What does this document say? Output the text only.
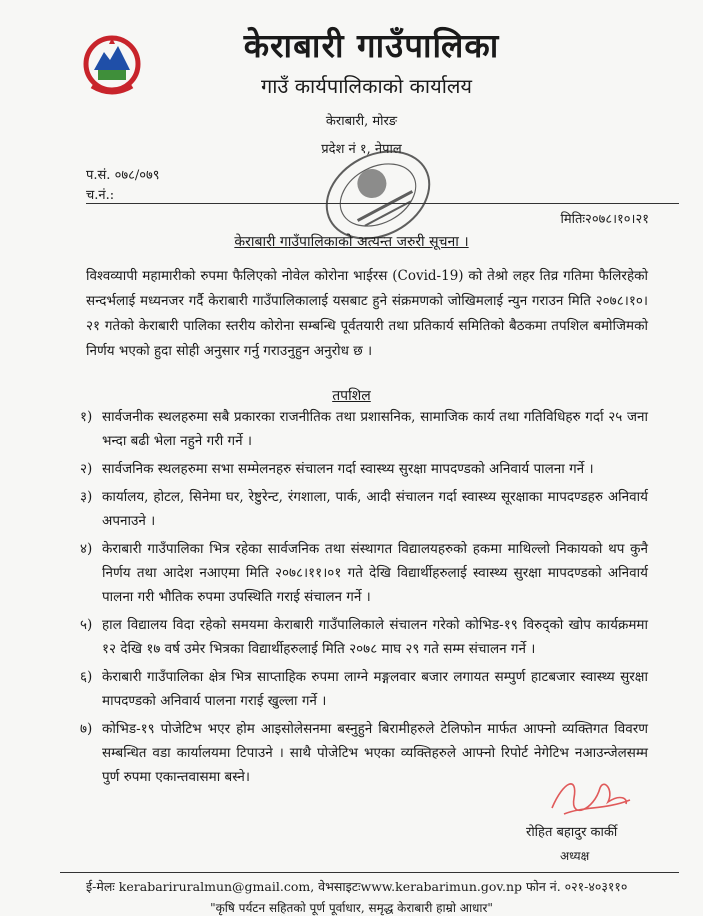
केराबारी गाउँपालिका
गाउँ कार्यपालिकाको कार्यालय
केराबारी, मोरङ
प्रदेश नं १, नेपाल
प.सं. ०७८/०७९
च.नं.:
मितिः२०७८।१०।२१
केराबारी गाउँपालिकाको अत्यन्त जरुरी सूचना ।

विश्वव्यापी महामारीको रुपमा फैलिएको नोवेल कोरोना भाईरस (Covid-19) को तेश्रो लहर तिव्र गतिमा फैलिरहेको सन्दर्भलाई मध्यनजर गर्दै केराबारी गाउँपालिकालाई यसबाट हुने संक्रमणको जोखिमलाई न्युन गराउन मिति २०७८।१०।२१ गतेको केराबारी पालिका स्तरीय कोरोना सम्बन्धि पूर्वतयारी तथा प्रतिकार्य समितिको बैठकमा तपशिल बमोजिमको निर्णय भएको हुदा सोही अनुसार गर्नु गराउनुहुन अनुरोध छ ।

तपशिल
१) सार्वजनीक स्थलहरुमा सबै प्रकारका राजनीतिक तथा प्रशासनिक, सामाजिक कार्य तथा गतिविधिहरु गर्दा २५ जना भन्दा बढी भेला नहुने गरी गर्ने ।
२) सार्वजनिक स्थलहरुमा सभा सम्मेलनहरु संचालन गर्दा स्वास्थ्य सुरक्षा मापदण्डको अनिवार्य पालना गर्ने ।
३) कार्यालय, होटल, सिनेमा घर, रेष्टुरेन्ट, रंगशाला, पार्क, आदी संचालन गर्दा स्वास्थ्य सूरक्षाका मापदण्डहरु अनिवार्य अपनाउने ।
४) केराबारी गाउँपालिका भित्र रहेका सार्वजनिक तथा संस्थागत विद्यालयहरुको हकमा माथिल्लो निकायको थप कुनै निर्णय तथा आदेश नआएमा मिति २०७८।११।०१ गते देखि विद्यार्थीहरुलाई स्वास्थ्य सुरक्षा मापदण्डको अनिवार्य पालना गरी भौतिक रुपमा उपस्थिति गराई संचालन गर्ने ।
५) हाल विद्यालय विदा रहेको समयमा केराबारी गाउँपालिकाले संचालन गरेको कोभिड-१९ विरुद्को खोप कार्यक्रममा १२ देखि १७ वर्ष उमेर भित्रका विद्यार्थीहरुलाई मिति २०७८ माघ २९ गते सम्म संचालन गर्ने ।
६) केराबारी गाउँपालिका क्षेत्र भित्र साप्ताहिक रुपमा लाग्ने मङ्गलवार बजार लगायत सम्पुर्ण हाटबजार स्वास्थ्य सुरक्षा मापदण्डको अनिवार्य पालना गराई खुल्ला गर्ने ।
७) कोभिड-१९ पोजेटिभ भएर होम आइसोलेसनमा बस्नुहुने बिरामीहरुले टेलिफोन मार्फत आफ्नो व्यक्तिगत विवरण सम्बन्धित वडा कार्यालयमा टिपाउने । साथै पोजेटिभ भएका व्यक्तिहरुले आफ्नो रिपोर्ट नेगेटिभ नआउन्जेलसम्म पुर्ण रुपमा एकान्तवासमा बस्ने।
रोहित बहादुर कार्की
अध्यक्ष
ई-मेलः kerabariruralmun@gmail.com, वेभसाइटःwww.kerabarimun.gov.np फोन नं. ०२१-४०३११०
"कृषि पर्यटन सहितको पूर्ण पूर्वाधार, समृद्ध केराबारी हाम्रो आधार"
